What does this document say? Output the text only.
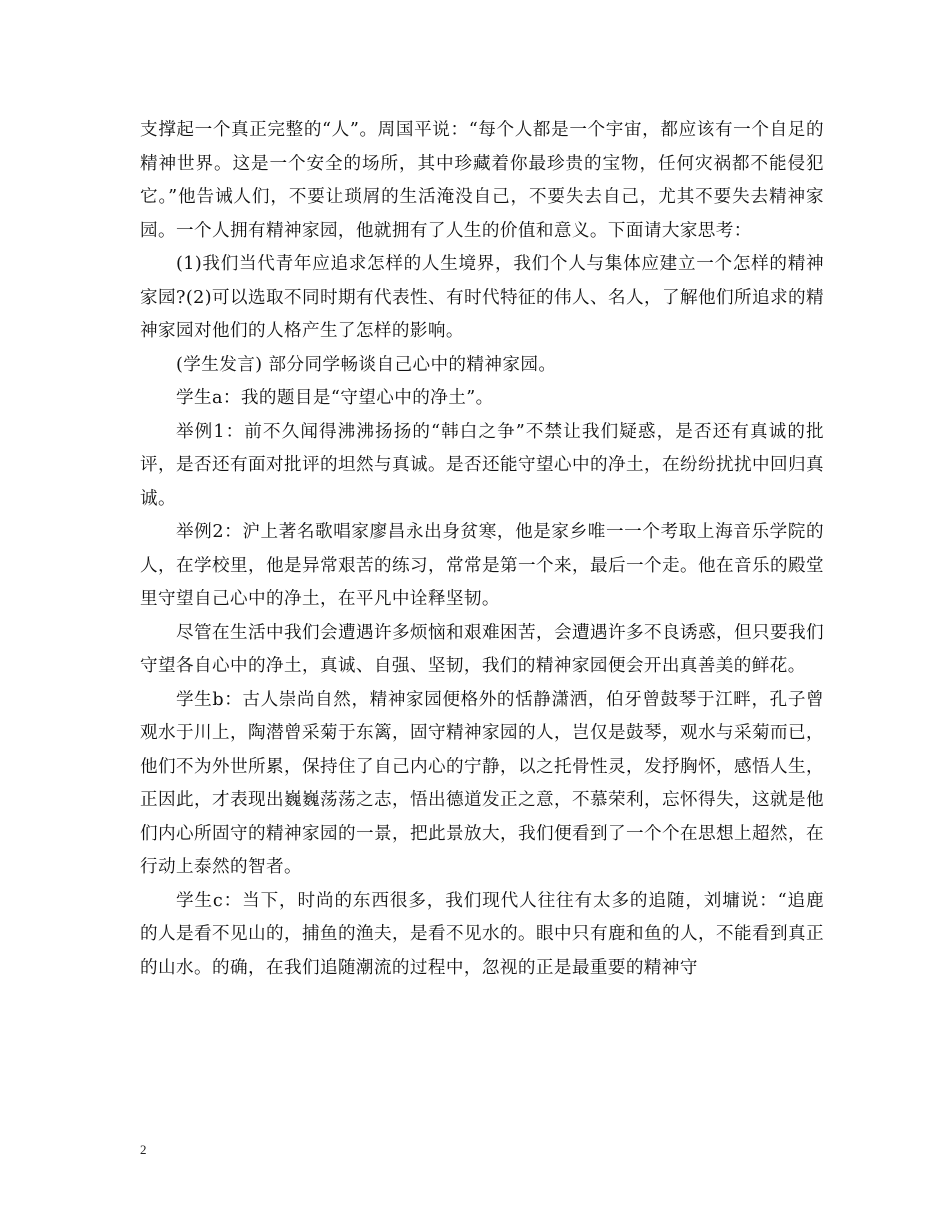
支撑起一个真正完整的“人”。周国平说：“每个人都是一个宇宙，都应该有一个自足的精神世界。这是一个安全的场所，其中珍藏着你最珍贵的宝物，任何灾祸都不能侵犯它。”他告诫人们，不要让琐屑的生活淹没自己，不要失去自己，尤其不要失去精神家园。一个人拥有精神家园，他就拥有了人生的价值和意义。下面请大家思考：

(1)我们当代青年应追求怎样的人生境界，我们个人与集体应建立一个怎样的精神家园?(2)可以选取不同时期有代表性、有时代特征的伟人、名人，了解他们所追求的精神家园对他们的人格产生了怎样的影响。

(学生发言) 部分同学畅谈自己心中的精神家园。

学生a：我的题目是“守望心中的净土”。

举例1：前不久闻得沸沸扬扬的“韩白之争”不禁让我们疑惑，是否还有真诚的批评，是否还有面对批评的坦然与真诚。是否还能守望心中的净土，在纷纷扰扰中回归真诚。

举例2：沪上著名歌唱家廖昌永出身贫寒，他是家乡唯一一个考取上海音乐学院的人，在学校里，他是异常艰苦的练习，常常是第一个来，最后一个走。他在音乐的殿堂里守望自己心中的净土，在平凡中诠释坚韧。

尽管在生活中我们会遭遇许多烦恼和艰难困苦，会遭遇许多不良诱惑，但只要我们守望各自心中的净土，真诚、自强、坚韧，我们的精神家园便会开出真善美的鲜花。

学生b：古人崇尚自然，精神家园便格外的恬静潇洒，伯牙曾鼓琴于江畔，孔子曾观水于川上，陶潜曾采菊于东篱，固守精神家园的人，岂仅是鼓琴，观水与采菊而已，他们不为外世所累，保持住了自己内心的宁静，以之托骨性灵，发抒胸怀，感悟人生，正因此，才表现出巍巍荡荡之志，悟出德道发正之意，不慕荣利，忘怀得失，这就是他们内心所固守的精神家园的一景，把此景放大，我们便看到了一个个在思想上超然，在行动上泰然的智者。

学生c：当下，时尚的东西很多，我们现代人往往有太多的追随，刘墉说：“追鹿的人是看不见山的，捕鱼的渔夫，是看不见水的。眼中只有鹿和鱼的人，不能看到真正的山水。的确，在我们追随潮流的过程中，忽视的正是最重要的精神守

2
